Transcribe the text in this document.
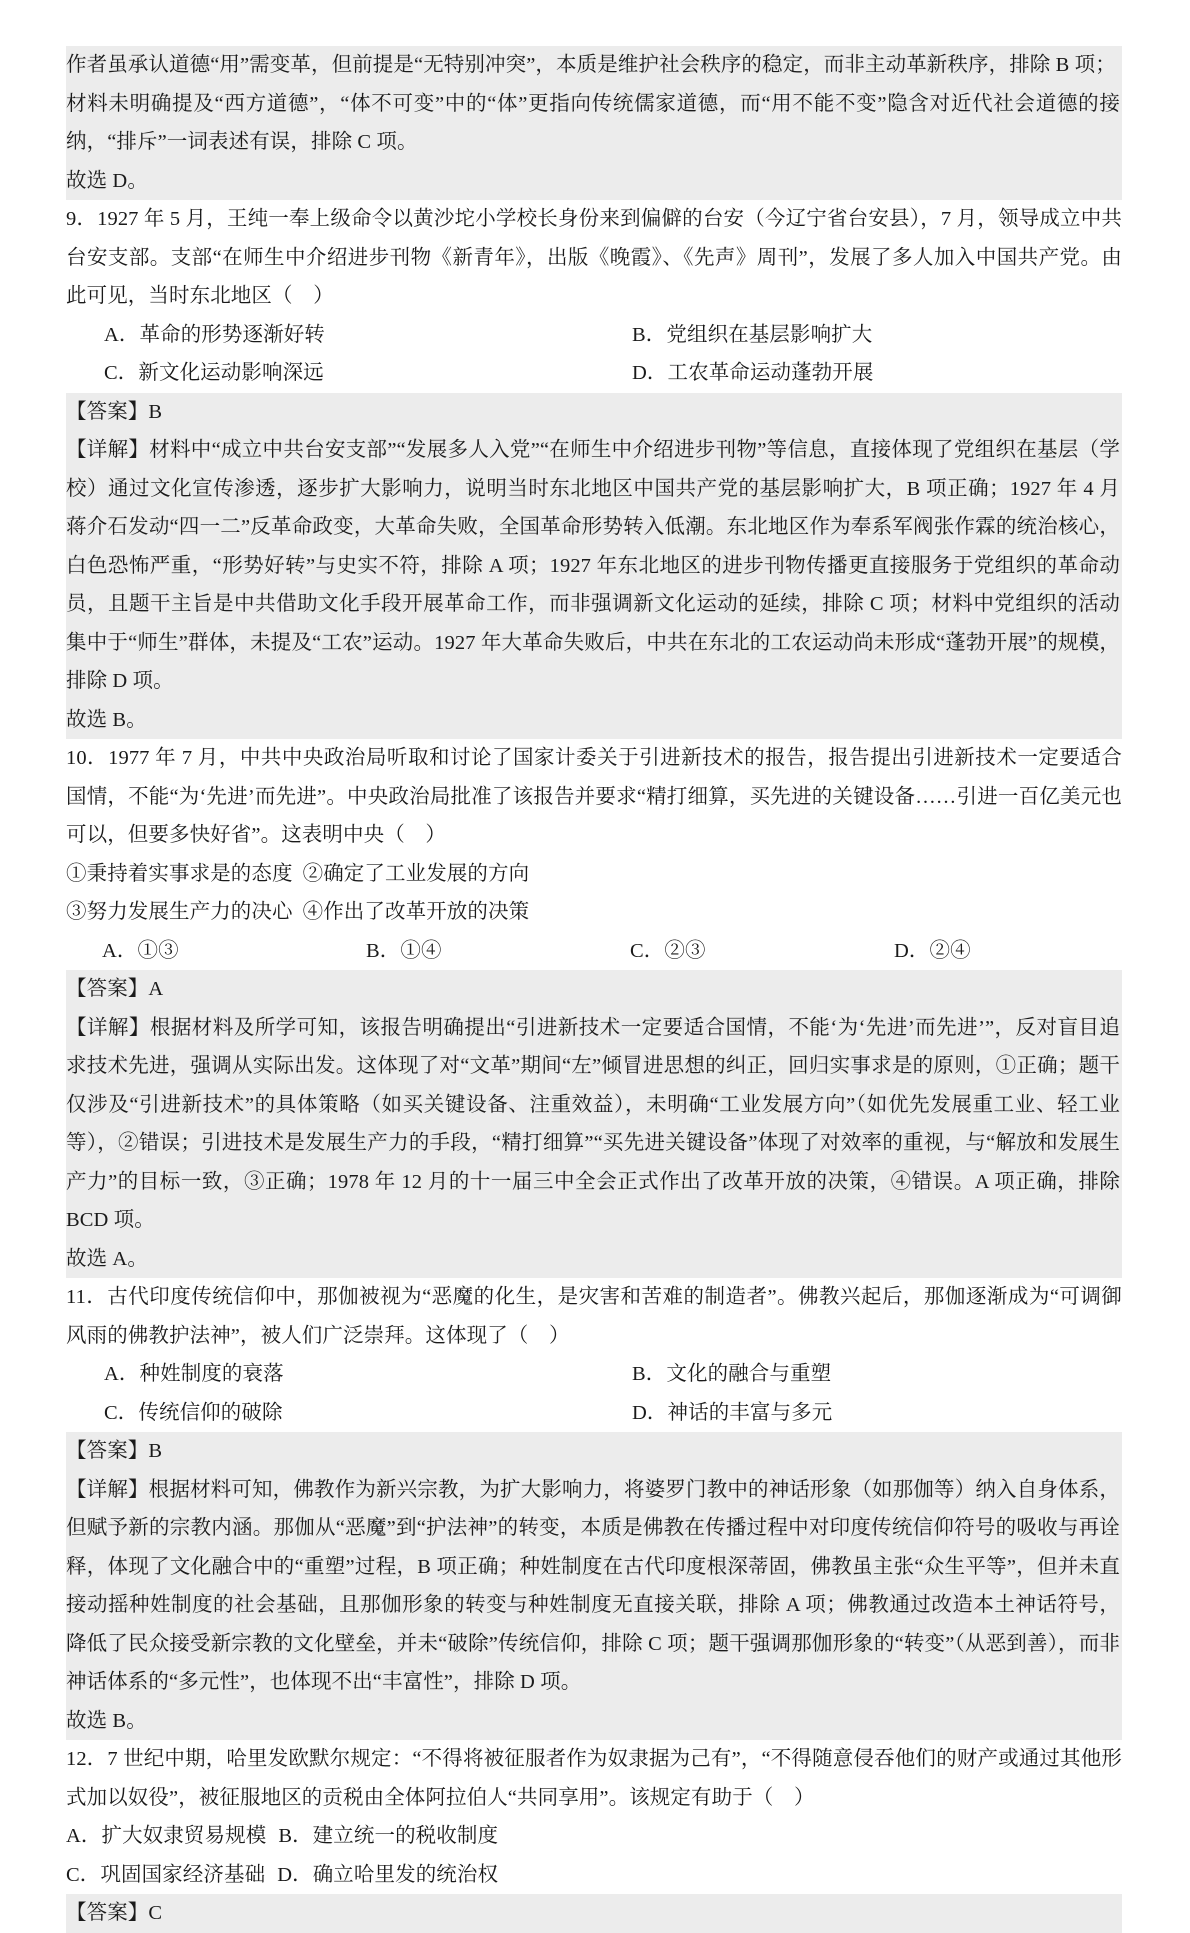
作者虽承认道德“用”需变革，但前提是“无特别冲突”，本质是维护社会秩序的稳定，而非主动革新秩序，排除 B 项；

材料未明确提及“西方道德”，“体不可变”中的“体”更指向传统儒家道德，而“用不能不变”隐含对近代社会道德的接纳，“排斥”一词表述有误，排除 C 项。

故选 D。

9．1927 年 5 月，王纯一奉上级命令以黄沙坨小学校长身份来到偏僻的台安（今辽宁省台安县），7 月，领导成立中共台安支部。支部“在师生中介绍进步刊物《新青年》，出版《晚霞》、《先声》周刊”，发展了多人加入中国共产党。由此可见，当时东北地区（　）

A．革命的形势逐渐好转	B．党组织在基层影响扩大
C．新文化运动影响深远	D．工农革命运动蓬勃开展

【答案】B

【详解】材料中“成立中共台安支部”“发展多人入党”“在师生中介绍进步刊物”等信息，直接体现了党组织在基层（学校）通过文化宣传渗透，逐步扩大影响力，说明当时东北地区中国共产党的基层影响扩大，B 项正确；1927 年 4 月蒋介石发动“四一二”反革命政变，大革命失败，全国革命形势转入低潮。东北地区作为奉系军阀张作霖的统治核心，白色恐怖严重，“形势好转”与史实不符，排除 A 项；1927 年东北地区的进步刊物传播更直接服务于党组织的革命动员，且题干主旨是中共借助文化手段开展革命工作，而非强调新文化运动的延续，排除 C 项；材料中党组织的活动集中于“师生”群体，未提及“工农”运动。1927 年大革命失败后，中共在东北的工农运动尚未形成“蓬勃开展”的规模，排除 D 项。

故选 B。

10．1977 年 7 月，中共中央政治局听取和讨论了国家计委关于引进新技术的报告，报告提出引进新技术一定要适合国情，不能“为‘先进’而先进”。中央政治局批准了该报告并要求“精打细算，买先进的关键设备……引进一百亿美元也可以，但要多快好省”。这表明中央（　）

①秉持着实事求是的态度 ②确定了工业发展的方向

③努力发展生产力的决心 ④作出了改革开放的决策

A．①③	B．①④	C．②③	D．②④

【答案】A

【详解】根据材料及所学可知，该报告明确提出“引进新技术一定要适合国情，不能‘为‘先进’而先进’”，反对盲目追求技术先进，强调从实际出发。这体现了对“文革”期间“左”倾冒进思想的纠正，回归实事求是的原则，①正确；题干仅涉及“引进新技术”的具体策略（如买关键设备、注重效益），未明确“工业发展方向”（如优先发展重工业、轻工业等），②错误；引进技术是发展生产力的手段，“精打细算”“买先进关键设备”体现了对效率的重视，与“解放和发展生产力”的目标一致，③正确；1978 年 12 月的十一届三中全会正式作出了改革开放的决策，④错误。A 项正确，排除 BCD 项。

故选 A。

11．古代印度传统信仰中，那伽被视为“恶魔的化生，是灾害和苦难的制造者”。佛教兴起后，那伽逐渐成为“可调御风雨的佛教护法神”，被人们广泛崇拜。这体现了（　）

A．种姓制度的衰落	B．文化的融合与重塑
C．传统信仰的破除	D．神话的丰富与多元

【答案】B

【详解】根据材料可知，佛教作为新兴宗教，为扩大影响力，将婆罗门教中的神话形象（如那伽等）纳入自身体系，但赋予新的宗教内涵。那伽从“恶魔”到“护法神”的转变，本质是佛教在传播过程中对印度传统信仰符号的吸收与再诠释，体现了文化融合中的“重塑”过程，B 项正确；种姓制度在古代印度根深蒂固，佛教虽主张“众生平等”，但并未直接动摇种姓制度的社会基础，且那伽形象的转变与种姓制度无直接关联，排除 A 项；佛教通过改造本土神话符号，降低了民众接受新宗教的文化壁垒，并未“破除”传统信仰，排除 C 项；题干强调那伽形象的“转变”（从恶到善），而非神话体系的“多元性”，也体现不出“丰富性”，排除 D 项。

故选 B。

12．7 世纪中期，哈里发欧默尔规定：“不得将被征服者作为奴隶据为己有”，“不得随意侵吞他们的财产或通过其他形式加以奴役”，被征服地区的贡税由全体阿拉伯人“共同享用”。该规定有助于（　）

A．扩大奴隶贸易规模 B．建立统一的税收制度

C．巩固国家经济基础 D．确立哈里发的统治权

【答案】C
